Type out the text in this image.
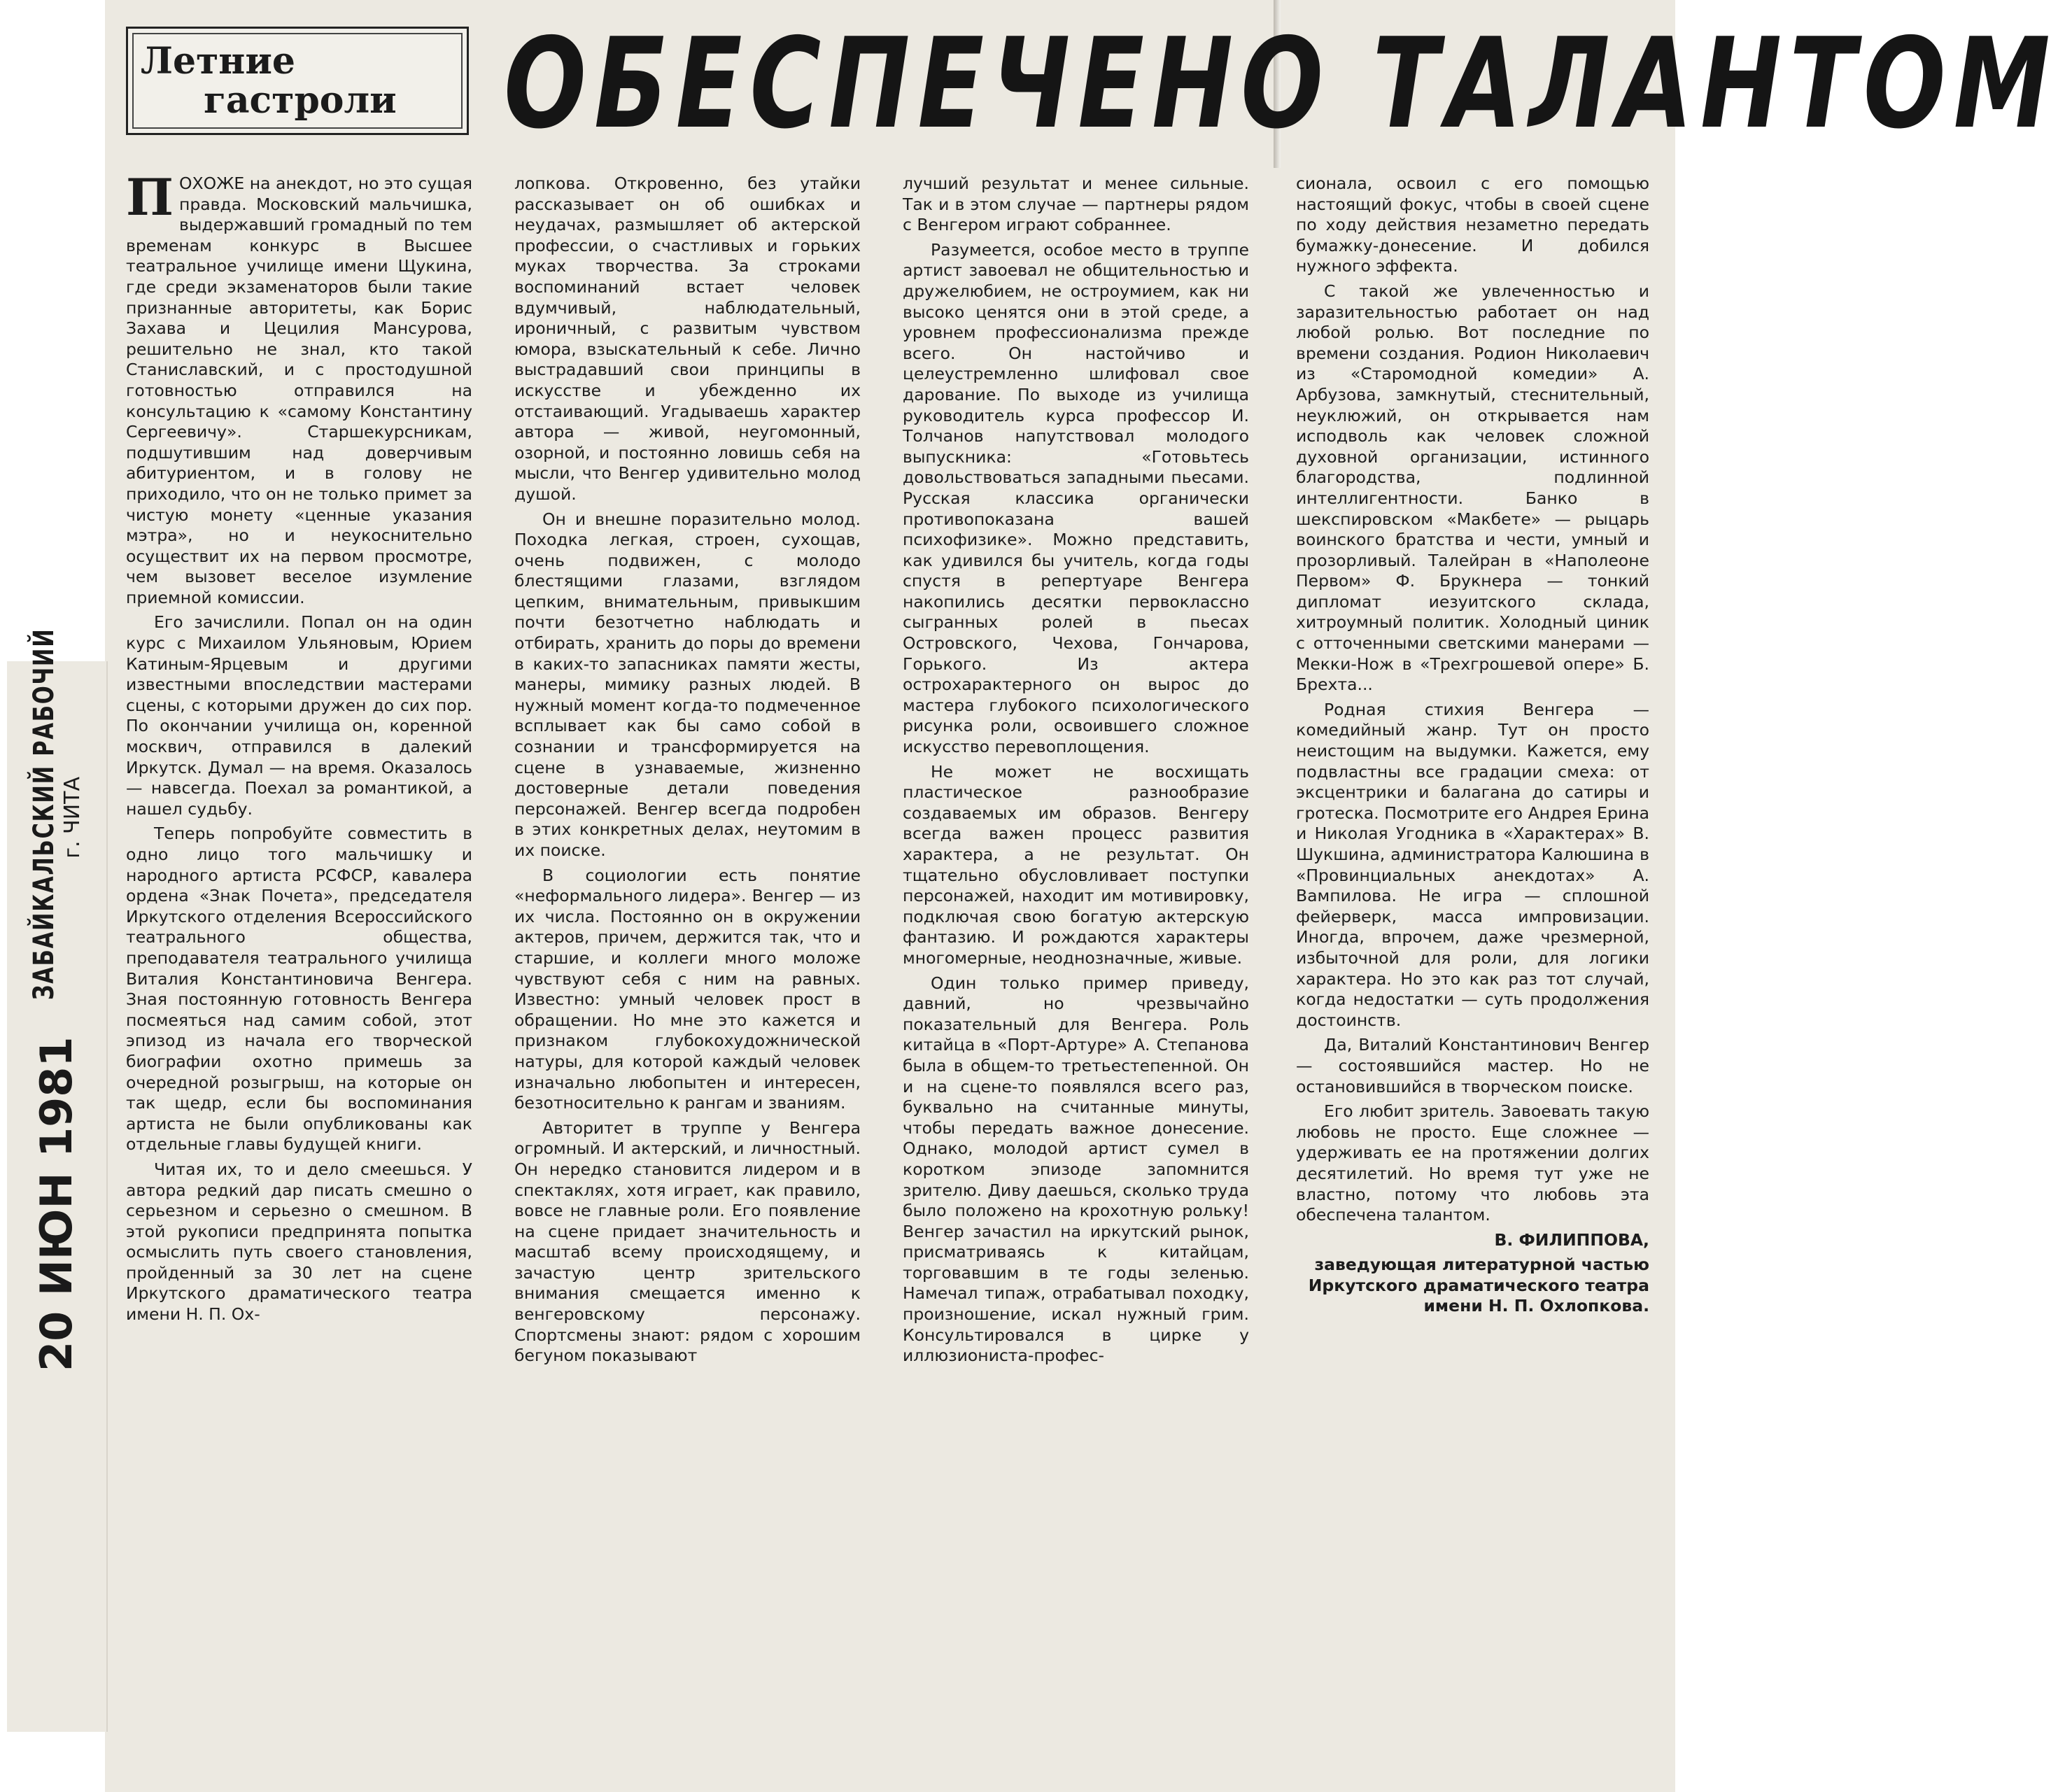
20 ИЮН 1981
ЗАБАЙКАЛЬСКИЙ РАБОЧИЙ г. ЧИТА
Летние
гастроли ОБЕСПЕЧЕНО ТАЛАНТОМ

ПОХОЖЕ на анекдот, но это сущая правда. Московский мальчишка, выдержавший громадный по тем временам конкурс в Высшее театральное училище имени Щукина, где среди экзаменаторов были такие признанные авторитеты, как Борис Захава и Цецилия Мансурова, решительно не знал, кто такой Станиславский, и с простодушной готовностью отправился на консультацию к «самому Константину Сергеевичу». Старшекурсникам, подшутившим над доверчивым абитуриентом, и в голову не приходило, что он не только примет за чистую монету «ценные указания мэтра», но и неукоснительно осуществит их на первом просмотре, чем вызовет веселое изумление приемной комиссии.

Его зачислили. Попал он на один курс с Михаилом Ульяновым, Юрием Катиным-Ярцевым и другими известными впоследствии мастерами сцены, с которыми дружен до сих пор. По окончании училища он, коренной москвич, отправился в далекий Иркутск. Думал — на время. Оказалось — навсегда. Поехал за романтикой, а нашел судьбу.

Теперь попробуйте совместить в одно лицо того мальчишку и народного артиста РСФСР, кавалера ордена «Знак Почета», председателя Иркутского отделения Всероссийского театрального общества, преподавателя театрального училища Виталия Константиновича Венгера. Зная постоянную готовность Венгера посмеяться над самим собой, этот эпизод из начала его творческой биографии охотно примешь за очередной розыгрыш, на которые он так щедр, если бы воспоминания артиста не были опубликованы как отдельные главы будущей книги.

Читая их, то и дело смеешься. У автора редкий дар писать смешно о серьезном и серьезно о смешном. В этой рукописи предпринята попытка осмыслить путь своего становления, пройденный за 30 лет на сцене Иркутского драматического театра имени Н. П. Ох-

лопкова. Откровенно, без утайки рассказывает он об ошибках и неудачах, размышляет об актерской профессии, о счастливых и горьких муках творчества. За строками воспоминаний встает человек вдумчивый, наблюдательный, ироничный, с развитым чувством юмора, взыскательный к себе. Лично выстрадавший свои принципы в искусстве и убежденно их отстаивающий. Угадываешь характер автора — живой, неугомонный, озорной, и постоянно ловишь себя на мысли, что Венгер удивительно молод душой.

Он и внешне поразительно молод. Походка легкая, строен, сухощав, очень подвижен, с молодо блестящими глазами, взглядом цепким, внимательным, привыкшим почти безотчетно наблюдать и отбирать, хранить до поры до времени в каких-то запасниках памяти жесты, манеры, мимику разных людей. В нужный момент когда-то подмеченное всплывает как бы само собой в сознании и трансформируется на сцене в узнаваемые, жизненно достоверные детали поведения персонажей. Венгер всегда подробен в этих конкретных делах, неутомим в их поиске.

В социологии есть понятие «неформального лидера». Венгер — из их числа. Постоянно он в окружении актеров, причем, держится так, что и старшие, и коллеги много моложе чувствуют себя с ним на равных. Известно: умный человек прост в обращении. Но мне это кажется и признаком глубокохудожнической натуры, для которой каждый человек изначально любопытен и интересен, безотносительно к рангам и званиям.

Авторитет в труппе у Венгера огромный. И актерский, и личностный. Он нередко становится лидером и в спектаклях, хотя играет, как правило, вовсе не главные роли. Его появление на сцене придает значительность и масштаб всему происходящему, и зачастую центр зрительского внимания смещается именно к венгеровскому персонажу. Спортсмены знают: рядом с хорошим бегуном показывают

лучший результат и менее сильные. Так и в этом случае — партнеры рядом с Венгером играют собраннее.

Разумеется, особое место в труппе артист завоевал не общительностью и дружелюбием, не остроумием, как ни высоко ценятся они в этой среде, а уровнем профессионализма прежде всего. Он настойчиво и целеустремленно шлифовал свое дарование. По выходе из училища руководитель курса профессор И. Толчанов напутствовал молодого выпускника: «Готовьтесь довольствоваться западными пьесами. Русская классика органически противопоказана вашей психофизике». Можно представить, как удивился бы учитель, когда годы спустя в репертуаре Венгера накопились десятки первоклассно сыгранных ролей в пьесах Островского, Чехова, Гончарова, Горького. Из актера острохарактерного он вырос до мастера глубокого психологического рисунка роли, освоившего сложное искусство перевоплощения.

Не может не восхищать пластическое разнообразие создаваемых им образов. Венгеру всегда важен процесс развития характера, а не результат. Он тщательно обусловливает поступки персонажей, находит им мотивировку, подключая свою богатую актерскую фантазию. И рождаются характеры многомерные, неоднозначные, живые.

Один только пример приведу, давний, но чрезвычайно показательный для Венгера. Роль китайца в «Порт-Артуре» А. Степанова была в общем-то третьестепенной. Он и на сцене-то появлялся всего раз, буквально на считанные минуты, чтобы передать важное донесение. Однако, молодой артист сумел в коротком эпизоде запомнится зрителю. Диву даешься, сколько труда было положено на крохотную рольку! Венгер зачастил на иркутский рынок, присматриваясь к китайцам, торговавшим в те годы зеленью. Намечал типаж, отрабатывал походку, произношение, искал нужный грим. Консультировался в цирке у иллюзиониста-профес-

сионала, освоил с его помощью настоящий фокус, чтобы в своей сцене по ходу действия незаметно передать бумажку-донесение. И добился нужного эффекта.

С такой же увлеченностью и заразительностью работает он над любой ролью. Вот последние по времени создания. Родион Николаевич из «Старомодной комедии» А. Арбузова, замкнутый, стеснительный, неуклюжий, он открывается нам исподволь как человек сложной духовной организации, истинного благородства, подлинной интеллигентности. Банко в шекспировском «Макбете» — рыцарь воинского братства и чести, умный и прозорливый. Талейран в «Наполеоне Первом» Ф. Брукнера — тонкий дипломат иезуитского склада, хитроумный политик. Холодный циник с отточенными светскими манерами — Мекки-Нож в «Трехгрошевой опере» Б. Брехта...

Родная стихия Венгера — комедийный жанр. Тут он просто неистощим на выдумки. Кажется, ему подвластны все градации смеха: от эксцентрики и балагана до сатиры и гротеска. Посмотрите его Андрея Ерина и Николая Угодника в «Характерах» В. Шукшина, администратора Калюшина в «Провинциальных анекдотах» А. Вампилова. Не игра — сплошной фейерверк, масса импровизации. Иногда, впрочем, даже чрезмерной, избыточной для роли, для логики характера. Но это как раз тот случай, когда недостатки — суть продолжения достоинств.

Да, Виталий Константинович Венгер — состоявшийся мастер. Но не остановившийся в творческом поиске.

Его любит зритель. Завоевать такую любовь не просто. Еще сложнее — удерживать ее на протяжении долгих десятилетий. Но время тут уже не властно, потому что любовь эта обеспечена талантом.

В. ФИЛИППОВА,

заведующая литературной частью Иркутского драматического театра имени Н. П. Охлопкова.
